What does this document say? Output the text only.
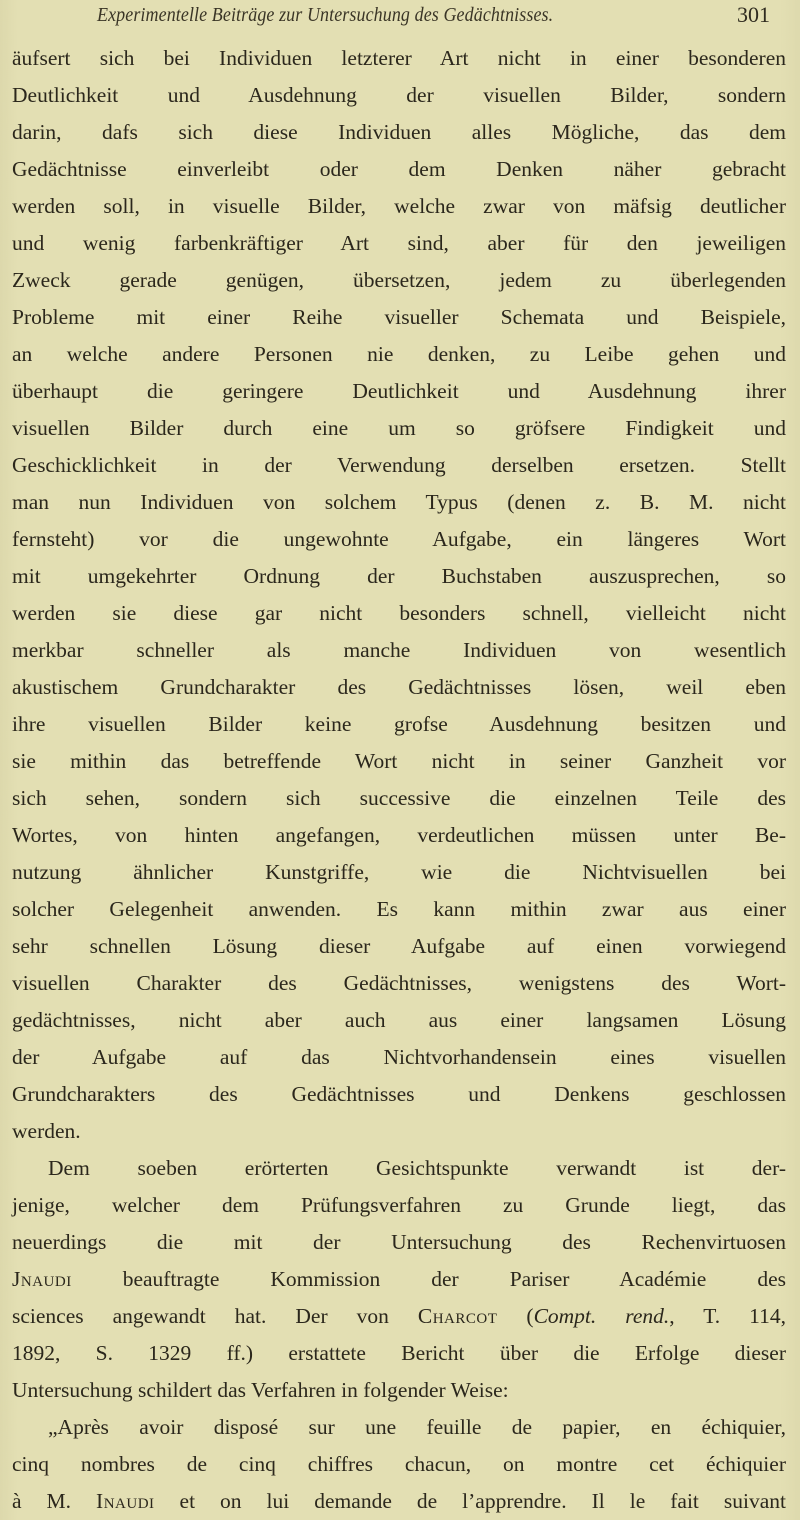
Experimentelle Beiträge zur Untersuchung des Gedächtnisses.	301
äufsert sich bei Individuen letzterer Art nicht in einer besonderen
Deutlichkeit und Ausdehnung der visuellen Bilder, sondern
darin, dafs sich diese Individuen alles Mögliche, das dem
Gedächtnisse einverleibt oder dem Denken näher gebracht
werden soll, in visuelle Bilder, welche zwar von mäfsig deutlicher
und wenig farbenkräftiger Art sind, aber für den jeweiligen
Zweck gerade genügen, übersetzen, jedem zu überlegenden
Probleme mit einer Reihe visueller Schemata und Beispiele,
an welche andere Personen nie denken, zu Leibe gehen und
überhaupt die geringere Deutlichkeit und Ausdehnung ihrer
visuellen Bilder durch eine um so gröfsere Findigkeit und
Geschicklichkeit in der Verwendung derselben ersetzen. Stellt
man nun Individuen von solchem Typus (denen z. B. M. nicht
fernsteht) vor die ungewohnte Aufgabe, ein längeres Wort
mit umgekehrter Ordnung der Buchstaben auszusprechen, so
werden sie diese gar nicht besonders schnell, vielleicht nicht
merkbar schneller als manche Individuen von wesentlich
akustischem Grundcharakter des Gedächtnisses lösen, weil eben
ihre visuellen Bilder keine grofse Ausdehnung besitzen und
sie mithin das betreffende Wort nicht in seiner Ganzheit vor
sich sehen, sondern sich successive die einzelnen Teile des
Wortes, von hinten angefangen, verdeutlichen müssen unter Be-
nutzung ähnlicher Kunstgriffe, wie die Nichtvisuellen bei
solcher Gelegenheit anwenden. Es kann mithin zwar aus einer
sehr schnellen Lösung dieser Aufgabe auf einen vorwiegend
visuellen Charakter des Gedächtnisses, wenigstens des Wort-
gedächtnisses, nicht aber auch aus einer langsamen Lösung
der Aufgabe auf das Nichtvorhandensein eines visuellen
Grundcharakters des Gedächtnisses und Denkens geschlossen
werden.
Dem soeben erörterten Gesichtspunkte verwandt ist der-
jenige, welcher dem Prüfungsverfahren zu Grunde liegt, das
neuerdings die mit der Untersuchung des Rechenvirtuosen
Jnaudi beauftragte Kommission der Pariser Académie des
sciences angewandt hat. Der von Charcot (Compt. rend., T. 114,
1892, S. 1329 ff.) erstattete Bericht über die Erfolge dieser
Untersuchung schildert das Verfahren in folgender Weise:
„Après avoir disposé sur une feuille de papier, en échiquier,
cinq nombres de cinq chiffres chacun, on montre cet échiquier
à M. Inaudi et on lui demande de l’apprendre. Il le fait suivant
